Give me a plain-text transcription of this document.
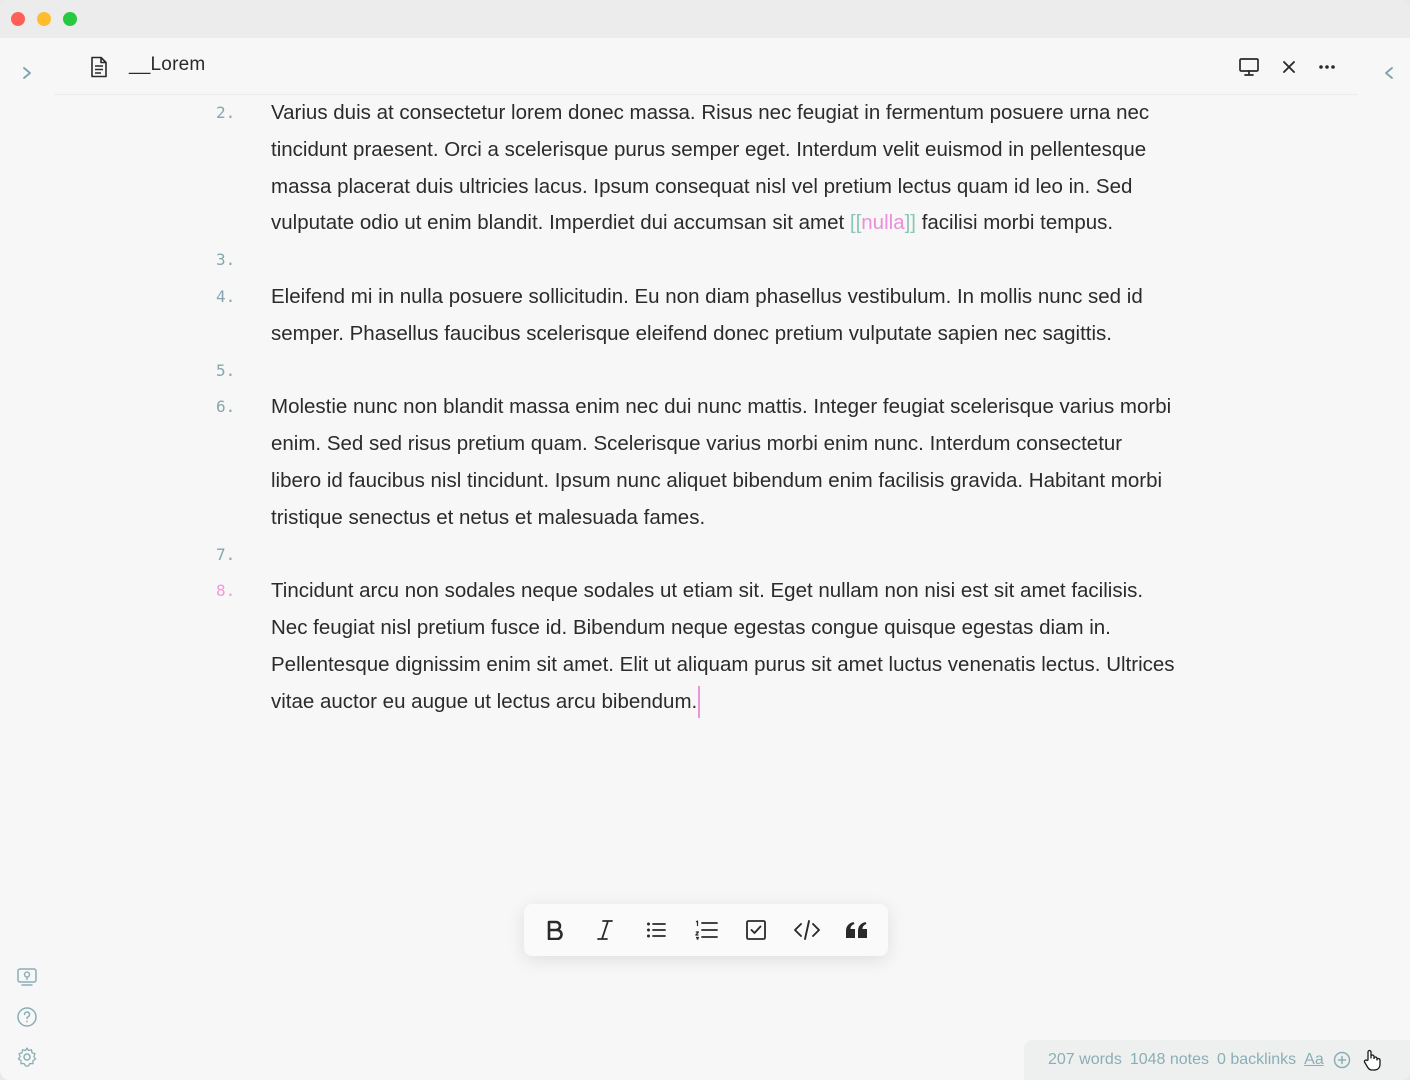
__Lorem
2. Varius duis at consectetur lorem donec massa. Risus nec feugiat in fermentum posuere urna nec tincidunt praesent. Orci a scelerisque purus semper eget. Interdum velit euismod in pellentesque massa placerat duis ultricies lacus. Ipsum consequat nisl vel pretium lectus quam id leo in. Sed vulputate odio ut enim blandit. Imperdiet dui accumsan sit amet [[nulla]] facilisi morbi tempus.
3.
4. Eleifend mi in nulla posuere sollicitudin. Eu non diam phasellus vestibulum. In mollis nunc sed id semper. Phasellus faucibus scelerisque eleifend donec pretium vulputate sapien nec sagittis.
5.
6. Molestie nunc non blandit massa enim nec dui nunc mattis. Integer feugiat scelerisque varius morbi enim. Sed sed risus pretium quam. Scelerisque varius morbi enim nunc. Interdum consectetur libero id faucibus nisl tincidunt. Ipsum nunc aliquet bibendum enim facilisis gravida. Habitant morbi tristique senectus et netus et malesuada fames.
7.
8. Tincidunt arcu non sodales neque sodales ut etiam sit. Eget nullam non nisi est sit amet facilisis. Nec feugiat nisl pretium fusce id. Bibendum neque egestas congue quisque egestas diam in. Pellentesque dignissim enim sit amet. Elit ut aliquam purus sit amet luctus venenatis lectus. Ultrices vitae auctor eu augue ut lectus arcu bibendum.
207 words 1048 notes 0 backlinks Aa
